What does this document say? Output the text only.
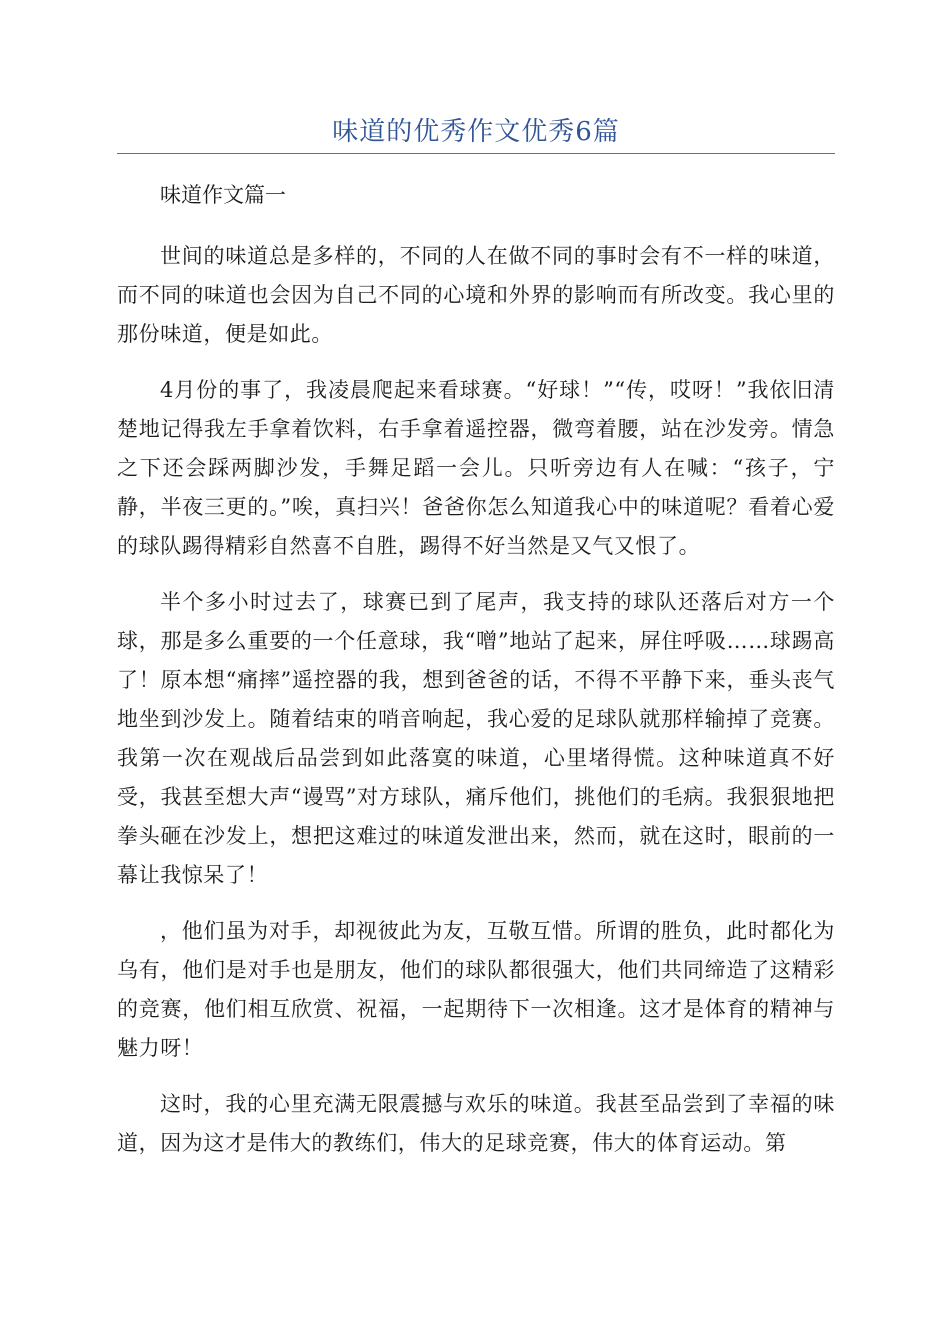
味道的优秀作文优秀6篇

味道作文篇一

世间的味道总是多样的，不同的人在做不同的事时会有不一样的味道，而不同的味道也会因为自己不同的心境和外界的影响而有所改变。我心里的那份味道，便是如此。

4月份的事了，我凌晨爬起来看球赛。“好球！”“传，哎呀！”我依旧清楚地记得我左手拿着饮料，右手拿着遥控器，微弯着腰，站在沙发旁。情急之下还会踩两脚沙发，手舞足蹈一会儿。只听旁边有人在喊：“孩子，宁静，半夜三更的。”唉，真扫兴！爸爸你怎么知道我心中的味道呢？看着心爱的球队踢得精彩自然喜不自胜，踢得不好当然是又气又恨了。

半个多小时过去了，球赛已到了尾声，我支持的球队还落后对方一个球，那是多么重要的一个任意球，我“噌”地站了起来，屏住呼吸……球踢高了！原本想“痛摔”遥控器的我，想到爸爸的话，不得不平静下来，垂头丧气地坐到沙发上。随着结束的哨音响起，我心爱的足球队就那样输掉了竞赛。我第一次在观战后品尝到如此落寞的味道，心里堵得慌。这种味道真不好受，我甚至想大声“谩骂”对方球队，痛斥他们，挑他们的毛病。我狠狠地把拳头砸在沙发上，想把这难过的味道发泄出来，然而，就在这时，眼前的一幕让我惊呆了！

，他们虽为对手，却视彼此为友，互敬互惜。所谓的胜负，此时都化为乌有，他们是对手也是朋友，他们的球队都很强大，他们共同缔造了这精彩的竞赛，他们相互欣赏、祝福，一起期待下一次相逢。这才是体育的精神与魅力呀！

这时，我的心里充满无限震撼与欢乐的味道。我甚至品尝到了幸福的味道，因为这才是伟大的教练们，伟大的足球竞赛，伟大的体育运动。第
